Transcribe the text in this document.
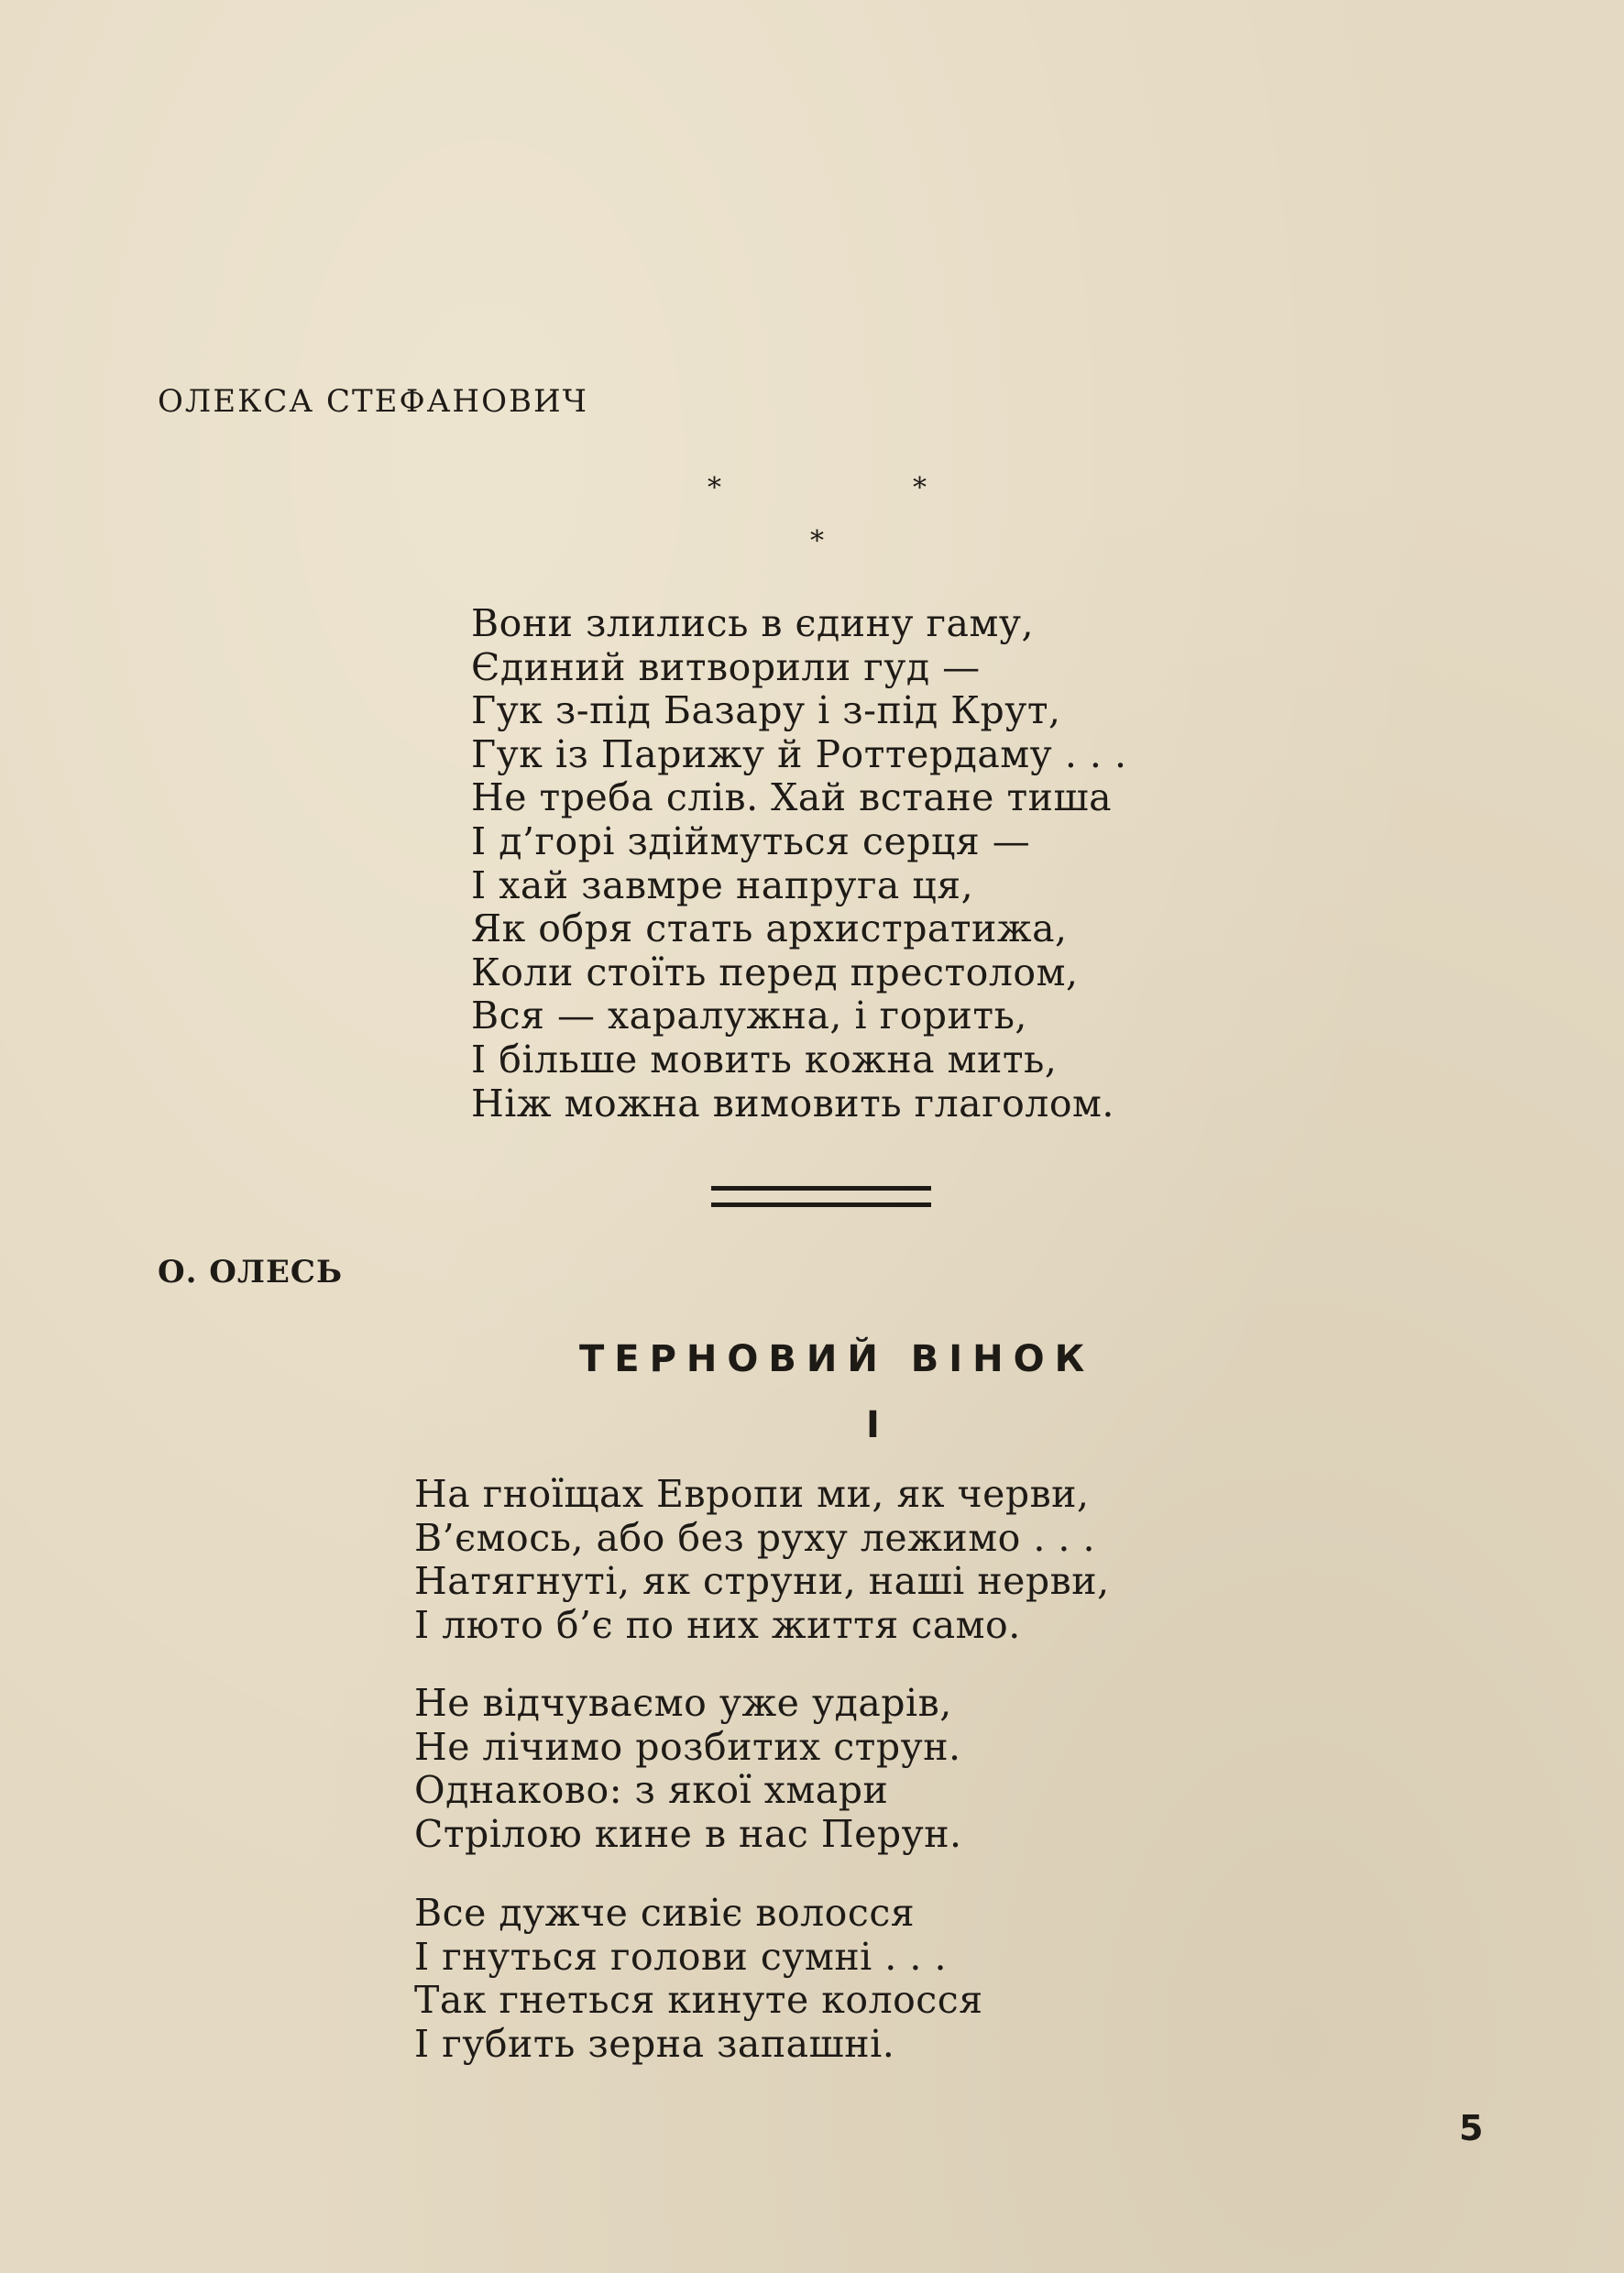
ОЛЕКСА СТЕФАНОВИЧ
*	*
*
Вони злились в єдину гаму,
Єдиний витворили гуд —
Гук з-під Базару і з-під Крут,
Гук із Парижу й Роттердаму . . .
Не треба слів. Хай встане тиша
І д’горі здіймуться серця —
І хай завмре напруга ця,
Як обря стать архистратижа,
Коли стоїть перед престолом,
Вся — харалужна, і горить,
І більше мовить кожна мить,
Ніж можна вимовить глаголом.
О. ОЛЕСЬ
ТЕРНОВИЙ ВІНОК
I
На гноїщах Европи ми, як черви,
В’ємось, або без руху лежимо . . .
Натягнуті, як струни, наші нерви,
І люто б’є по них життя само.
Не відчуваємо уже ударів,
Не лічимо розбитих струн.
Однаково: з якої хмари
Стрілою кине в нас Перун.
Все дужче сивіє волосся
І гнуться голови сумні . . .
Так гнеться кинуте колосся
І губить зерна запашні.
5
